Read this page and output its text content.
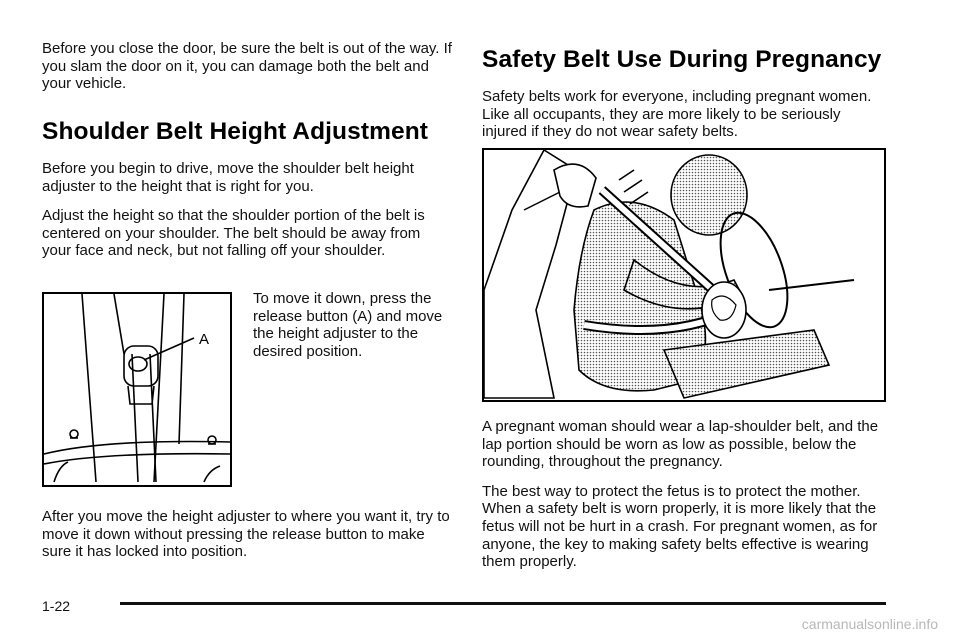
Before you close the door, be sure the belt is out of the way. If you slam the door on it, you can damage both the belt and your vehicle.

Shoulder Belt Height Adjustment

Before you begin to drive, move the shoulder belt height adjuster to the height that is right for you.

Adjust the height so that the shoulder portion of the belt is centered on your shoulder. The belt should be away from your face and neck, but not falling off your shoulder.

To move it down, press the release button (A) and move the height adjuster to the desired position.

A

After you move the height adjuster to where you want it, try to move it down without pressing the release button to make sure it has locked into position.

Safety Belt Use During Pregnancy

Safety belts work for everyone, including pregnant women. Like all occupants, they are more likely to be seriously injured if they do not wear safety belts.

A pregnant woman should wear a lap-shoulder belt, and the lap portion should be worn as low as possible, below the rounding, throughout the pregnancy.

The best way to protect the fetus is to protect the mother. When a safety belt is worn properly, it is more likely that the fetus will not be hurt in a crash. For pregnant women, as for anyone, the key to making safety belts effective is wearing them properly.

1-22
carmanualsonline.info
